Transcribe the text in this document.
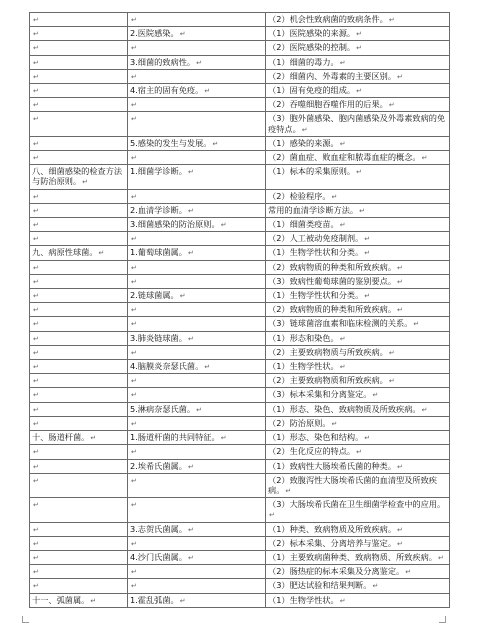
↵	↵	（2）机会性致病菌的致病条件。↵
↵	2.医院感染。↵	（1）医院感染的来源。↵
↵	↵	（2）医院感染的控制。↵
↵	3.细菌的致病性。↵	（1）细菌的毒力。↵
↵	↵	（2）细菌内、外毒素的主要区别。↵
↵	4.宿主的固有免疫。↵	（1）固有免疫的组成。↵
↵	↵	（2）吞噬细胞吞噬作用的后果。↵
↵	↵	（3）胞外菌感染、胞内菌感染及外毒素致病的免疫特点。↵
↵	5.感染的发生与发展。↵	（1）感染的来源。↵
↵	↵	（2）菌血症、败血症和脓毒血症的概念。↵
八、细菌感染的检查方法与防治原则。↵	1.细菌学诊断。↵	（1）标本的采集原则。↵
↵	↵	（2）检验程序。↵
↵	2.血清学诊断。↵	常用的血清学诊断方法。↵
↵	3.细菌感染的防治原则。↵	（1）细菌类疫苗。↵
↵	↵	（2）人工被动免疫制剂。↵
九、病原性球菌。↵	1.葡萄球菌属。↵	（1）生物学性状和分类。↵
↵	↵	（2）致病物质的种类和所致疾病。↵
↵	↵	（3）致病性葡萄球菌的鉴别要点。↵
↵	2.链球菌属。↵	（1）生物学性状和分类。↵
↵	↵	（2）致病物质的种类和所致疾病。↵
↵	↵	（3）链球菌溶血素和临床检测的关系。↵
↵	3.肺炎链球菌。↵	（1）形态和染色。↵
↵	↵	（2）主要致病物质与所致疾病。↵
↵	4.脑膜炎奈瑟氏菌。↵	（1）生物学性状。↵
↵	↵	（2）主要致病物质和所致疾病。↵
↵	↵	（3）标本采集和分离鉴定。↵
↵	5.淋病奈瑟氏菌。↵	（1）形态、染色、致病物质及所致疾病。↵
↵	↵	（2）防治原则。↵
十、肠道杆菌。↵	1.肠道杆菌的共同特征。↵	（1）形态、染色和结构。↵
↵	↵	（2）生化反应的特点。↵
↵	2.埃希氏菌属。↵	（1）致病性大肠埃希氏菌的种类。↵
↵	↵	（2）致腹泻性大肠埃希氏菌的血清型及所致疾病。↵
↵	↵	（3）大肠埃希氏菌在卫生细菌学检查中的应用。↵
↵	3.志贺氏菌属。↵	（1）种类、致病物质及所致疾病。↵
↵	↵	（2）标本采集、分离培养与鉴定。↵
↵	4.沙门氏菌属。↵	（1）主要致病菌种类、致病物质、所致疾病。↵
↵	↵	（2）肠热症的标本采集及分离鉴定。↵
↵	↵	（3）肥达试验和结果判断。↵
十一、弧菌属。↵	1.霍乱弧菌。↵	（1）生物学性状。↵
